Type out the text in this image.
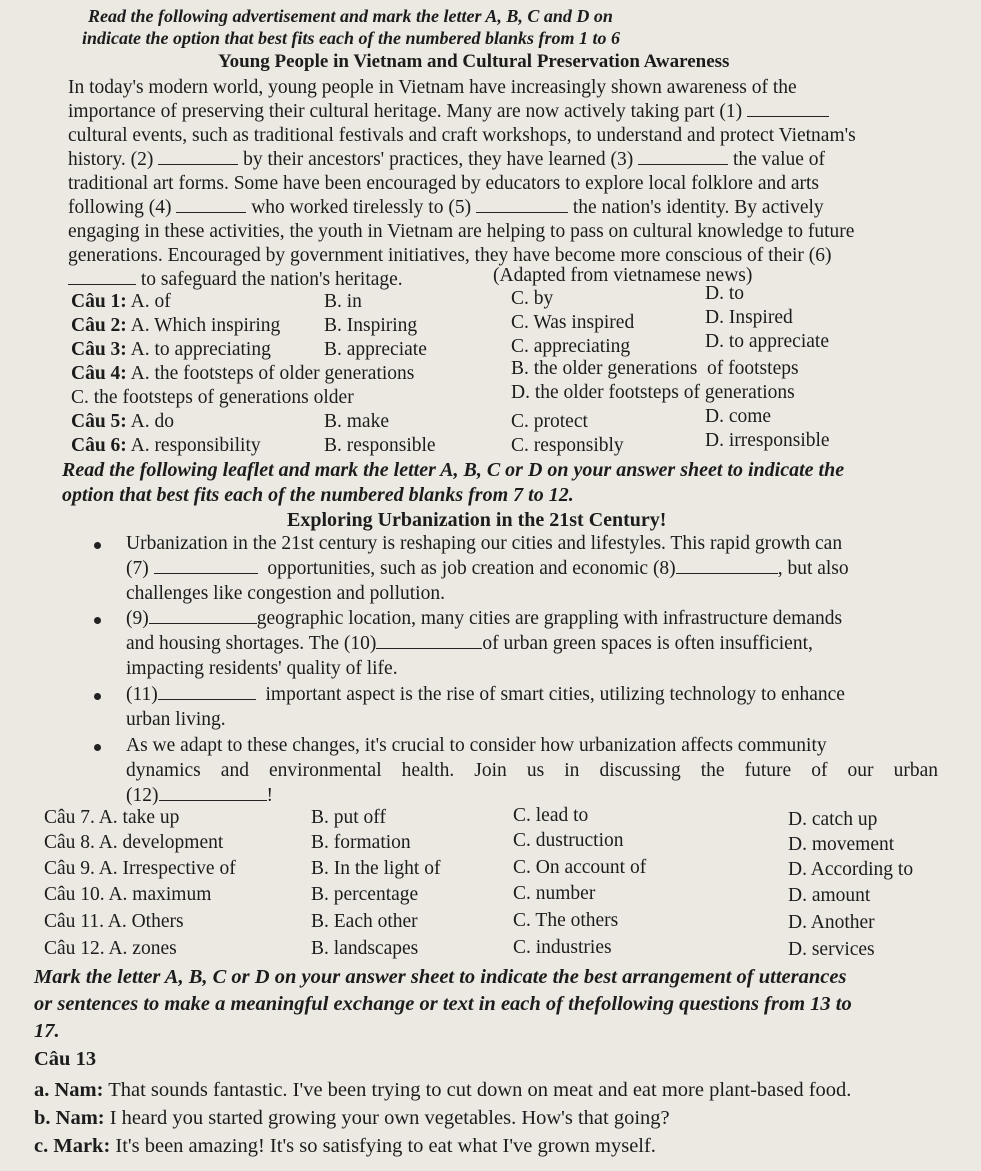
Read the following advertisement and mark the letter A, B, C and D on
indicate the option that best fits each of the numbered blanks from 1 to 6
Young People in Vietnam and Cultural Preservation Awareness
In today's modern world, young people in Vietnam have increasingly shown awareness of the
importance of preserving their cultural heritage. Many are now actively taking part (1)
cultural events, such as traditional festivals and craft workshops, to understand and protect Vietnam's
history. (2)	by their ancestors' practices, they have learned (3)	the value of
traditional art forms. Some have been encouraged by educators to explore local folklore and arts
following (4)	who worked tirelessly to (5)	the nation's identity. By actively
engaging in these activities, the youth in Vietnam are helping to pass on cultural knowledge to future
generations. Encouraged by government initiatives, they have become more conscious of their (6)
to safeguard the nation's heritage.	(Adapted from vietnamese news)
Câu 1: A. of	B. in	C. by	D. to
Câu 2: A. Which inspiring B. Inspiring	C. Was inspired	D. Inspired
Câu 3: A. to appreciating	B. appreciate	C. appreciating	D. to appreciate
Câu 4: A. the footsteps of older generations	B. the older generations  of footsteps
C. the footsteps of generations older	D. the older footsteps of generations
Câu 5: A. do	B. make	C. protect	D. come
Câu 6: A. responsibility	B. responsible	C. responsibly	D. irresponsible
Read the following leaflet and mark the letter A, B, C or D on your answer sheet to indicate the
option that best fits each of the numbered blanks from 7 to 12.
Exploring Urbanization in the 21st Century!
Urbanization in the 21st century is reshaping our cities and lifestyles. This rapid growth can
(7)	opportunities, such as job creation and economic (8)	, but also
challenges like congestion and pollution.
(9)	geographic location, many cities are grappling with infrastructure demands
and housing shortages. The (10)	of urban green spaces is often insufficient,
impacting residents' quality of life.
(11)	important aspect is the rise of smart cities, utilizing technology to enhance
urban living.
As we adapt to these changes, it's crucial to consider how urbanization affects community
dynamics and environmental health. Join us in discussing the future of our urban
(12)	!
Câu 7. A. take up	B. put off	C. lead to	D. catch up
Câu 8. A. development	B. formation	C. dustruction	D. movement
Câu 9. A. Irrespective of	B. In the light of	C. On account of	D. According to
Câu 10. A. maximum	B. percentage	C. number	D. amount
Câu 11. A. Others	B. Each other	C. The others	D. Another
Câu 12. A. zones	B. landscapes	C. industries	D. services
Mark the letter A, B, C or D on your answer sheet to indicate the best arrangement of utterances
or sentences to make a meaningful exchange or text in each of thefollowing questions from 13 to
17.
Câu 13
a. Nam: That sounds fantastic. I've been trying to cut down on meat and eat more plant-based food.
b. Nam: I heard you started growing your own vegetables. How's that going?
c. Mark: It's been amazing! It's so satisfying to eat what I've grown myself.
